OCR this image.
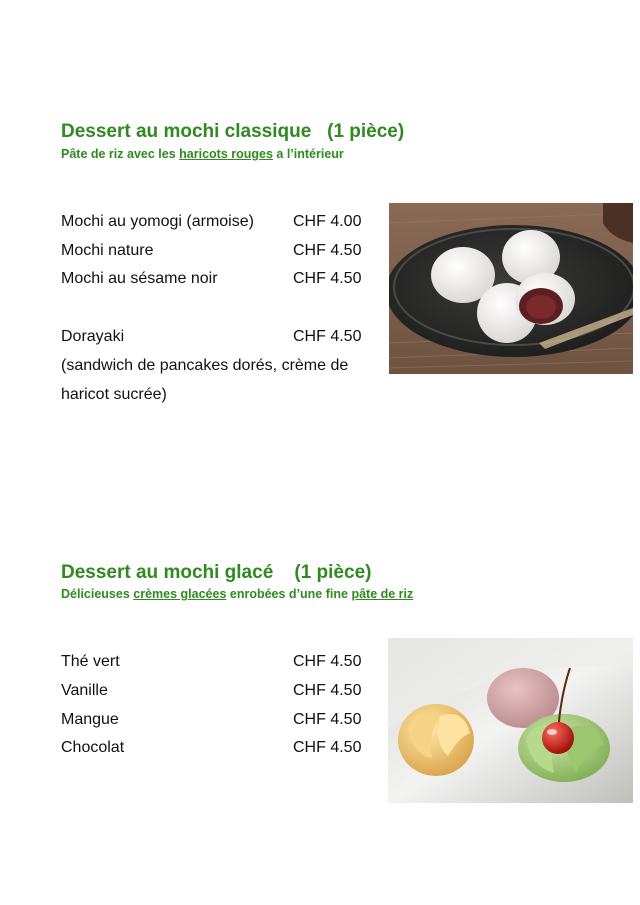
Dessert au mochi classique   (1 pièce)

Pâte de riz avec les haricots rouges a l’intérieur

Mochi au yomogi (armoise) CHF 4.00
Mochi nature	CHF 4.50
Mochi au sésame noir	CHF 4.50
Dorayaki	CHF 4.50

(sandwich de pancakes dorés, crème de haricot sucrée)

Dessert au mochi glacé    (1 pièce)

Délicieuses crèmes glacées enrobées d’une fine pâte de riz

Thé vert	CHF 4.50
Vanille	CHF 4.50
Mangue	CHF 4.50
Chocolat	CHF 4.50
